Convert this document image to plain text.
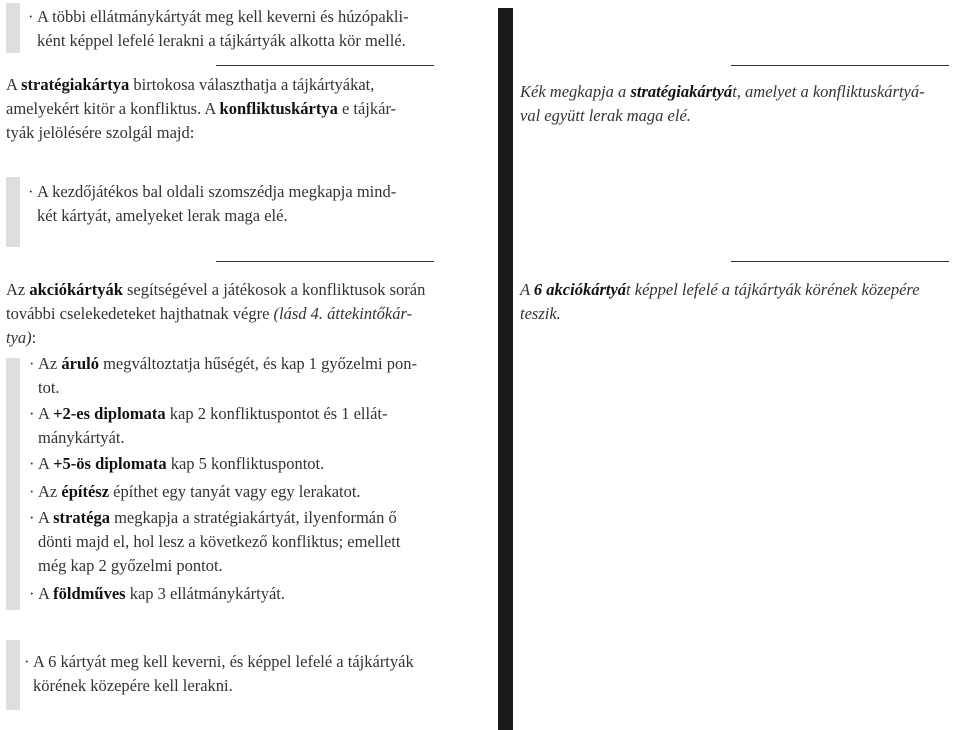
· A többi ellátmánykártyát meg kell keverni és húzópakli-
ként képpel lefelé lerakni a tájkártyák alkotta kör mellé.
A stratégiakártya birtokosa választhatja a tájkártyákat,
amelyekért kitör a konfliktus. A konfliktuskártya e tájkár-
tyák jelölésére szolgál majd:
· A kezdőjátékos bal oldali szomszédja megkapja mind-
két kártyát, amelyeket lerak maga elé.
Az akciókártyák segítségével a játékosok a konfliktusok során
további cselekedeteket hajthatnak végre (lásd 4. áttekintőkár-
tya):
· Az áruló megváltoztatja hűségét, és kap 1 győzelmi pon-
tot.
· A +2-es diplomata kap 2 konfliktuspontot és 1 ellát-
mánykártyát.
· A +5-ös diplomata kap 5 konfliktuspontot.
· Az építész építhet egy tanyát vagy egy lerakatot.
· A stratéga megkapja a stratégiakártyát, ilyenformán ő
dönti majd el, hol lesz a következő konfliktus; emellett
még kap 2 győzelmi pontot.
· A földműves kap 3 ellátmánykártyát.
· A 6 kártyát meg kell keverni, és képpel lefelé a tájkártyák
körének közepére kell lerakni.
Kék megkapja a stratégiakártyát, amelyet a konfliktuskártyá-
val együtt lerak maga elé.
A 6 akciókártyát képpel lefelé a tájkártyák körének közepére
teszik.
